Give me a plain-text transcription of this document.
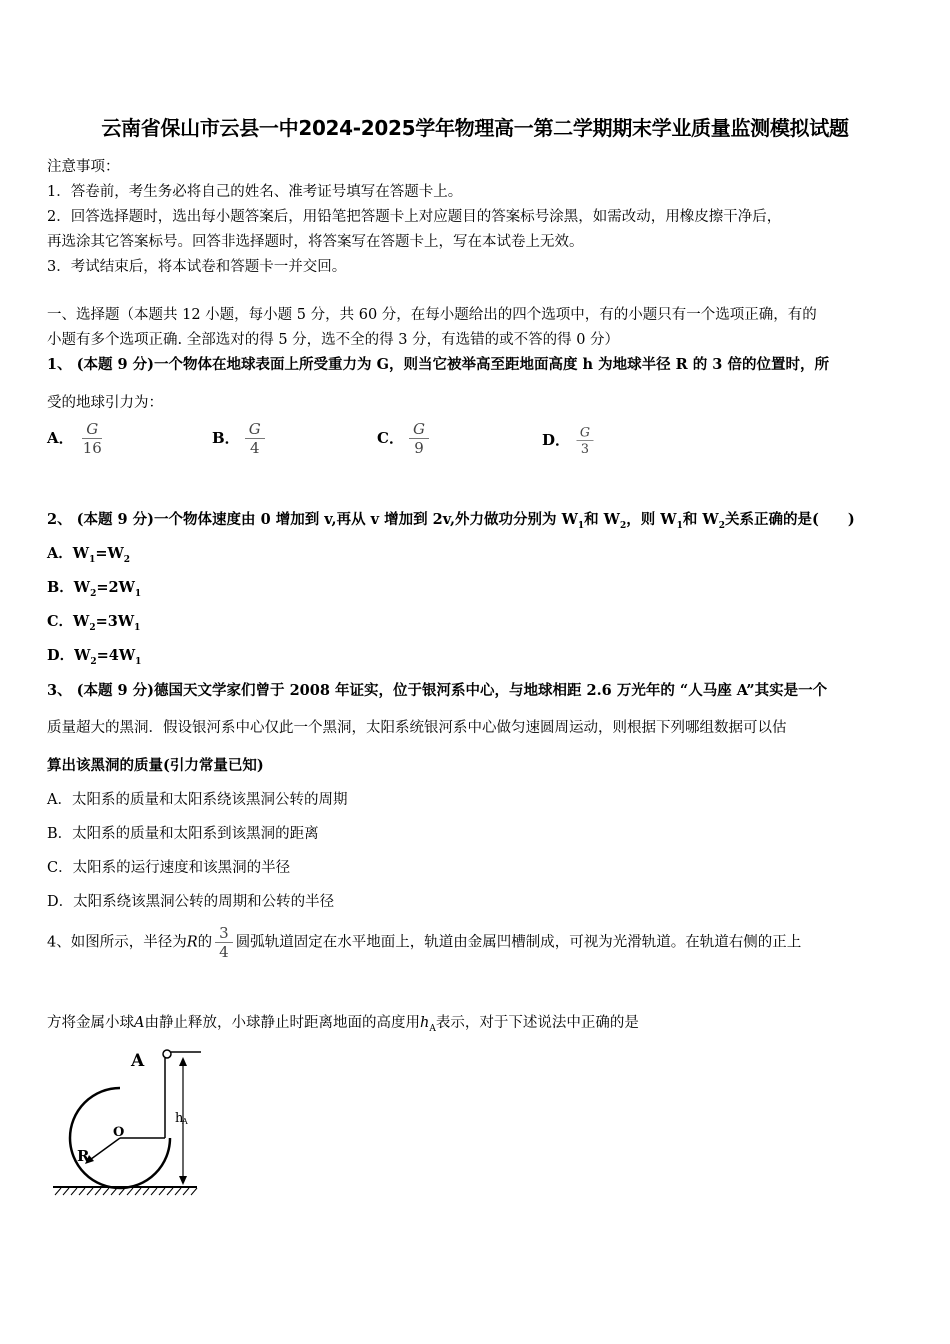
云南省保山市云县一中2024-2025学年物理高一第二学期期末学业质量监测模拟试题
注意事项：
1．答卷前，考生务必将自己的姓名、准考证号填写在答题卡上。
2．回答选择题时，选出每小题答案后，用铅笔把答题卡上对应题目的答案标号涂黑，如需改动，用橡皮擦干净后，
再选涂其它答案标号。回答非选择题时，将答案写在答题卡上，写在本试卷上无效。
3．考试结束后，将本试卷和答题卡一并交回。
一、选择题（本题共 12 小题，每小题 5 分，共 60 分，在每小题给出的四个选项中，有的小题只有一个选项正确，有的
小题有多个选项正确. 全部选对的得 5 分，选不全的得 3 分，有选错的或不答的得 0 分）
1、 (本题 9 分)一个物体在地球表面上所受重力为 G，则当它被举高至距地面高度 h 为地球半径 R 的 3 倍的位置时，所
受的地球引力为：
A． $\frac{G}{16}$	B． $\frac{G}{4}$	C． $\frac{G}{9}$	D． $\frac{G}{3}$
2、 (本题 9 分)一个物体速度由 0 增加到 v,再从 v 增加到 2v,外力做功分别为 $W_1$和 $W_2$，则 $W_1$和 $W_2$关系正确的是(　　)
A．$W_1=W_2$
B．$W_2=2W_1$
C．$W_2=3W_1$
D．$W_2=4W_1$
3、 (本题 9 分)德国天文学家们曾于 2008 年证实，位于银河系中心，与地球相距 2.6 万光年的 “人马座 A”其实是一个
质量超大的黑洞．假设银河系中心仅此一个黑洞，太阳系统银河系中心做匀速圆周运动，则根据下列哪组数据可以估
算出该黑洞的质量(引力常量已知)
A．太阳系的质量和太阳系绕该黑洞公转的周期
B．太阳系的质量和太阳系到该黑洞的距离
C．太阳系的运行速度和该黑洞的半径
D．太阳系绕该黑洞公转的周期和公转的半径
4、如图所示，半径为R的 $\frac{3}{4}$ 圆弧轨道固定在水平地面上，轨道由金属凹槽制成，可视为光滑轨道。在轨道右侧的正上
方将金属小球A由静止释放，小球静止时距离地面的高度用$h_A$表示，对于下述说法中正确的是
A
O
R
h
A
